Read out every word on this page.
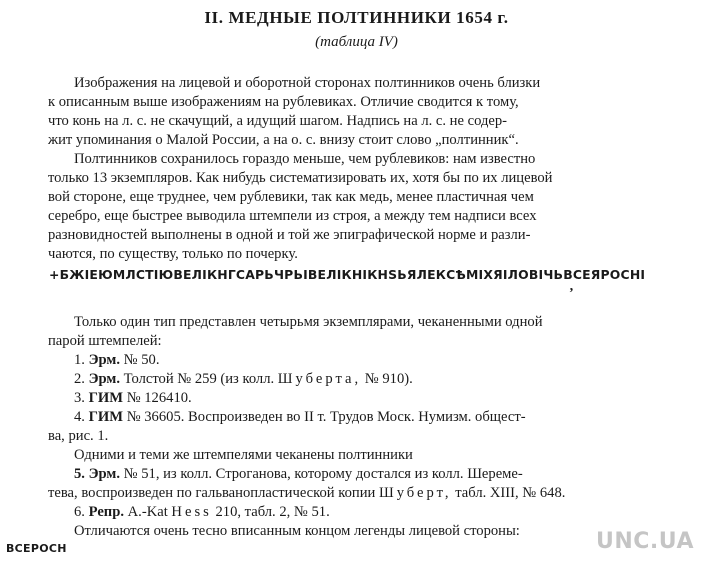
II. МЕДНЫЕ ПОЛТИННИКИ 1654 г.
(таблица IV)
Изображения на лицевой и оборотной сторонах полтинников очень близки
к описанным выше изображениям на рублевиках. Отличие сводится к тому,
что конь на л. с. не скачущий, а идущий шагом. Надпись на л. с. не содер-
жит упоминания о Малой России, а на о. с. внизу стоит слово „полтинник“.
Полтинников сохранилось гораздо меньше, чем рублевиков: нам известно
только 13 экземпляров. Как нибудь систематизировать их, хотя бы по их лицевой
вой стороне, еще труднее, чем рублевики, так как медь, менее пластичная чем
серебро, еще быстрее выводила штемпели из строя, а между тем надписи всех
разновидностей выполнены в одной и той же эпиграфической норме и разли-
чаются, по существу, только по почерку.
+БЖІЕЮМЛСТІЮВЕЛІКНГСАРЬЧРЬІВЕЛІКНІКНЅЬЯЛЕКСѢМІХЯІЛОВІЧЬВСЕЯРОСНІ
ʼ
Только один тип представлен четырьмя экземплярами, чеканенными одной
парой штемпелей:
1. Эрм. № 50.
2. Эрм. Толстой № 259 (из колл. Шуберта, № 910).
3. ГИМ № 126410.
4. ГИМ № 36605. Воспроизведен во II т. Трудов Моск. Нумизм. общест-
ва, рис. 1.
Одними и теми же штемпелями чеканены полтинники
5. Эрм. № 51, из колл. Строганова, которому достался из колл. Шереме-
тева, воспроизведен по гальванопластической копии Шуберт, табл. XIII, № 648.
6. Репр. A.-Kat Hess 210, табл. 2, № 51.
Отличаются очень тесно вписанным концом легенды лицевой стороны:
ВСЕРОСН	UNC.UA
